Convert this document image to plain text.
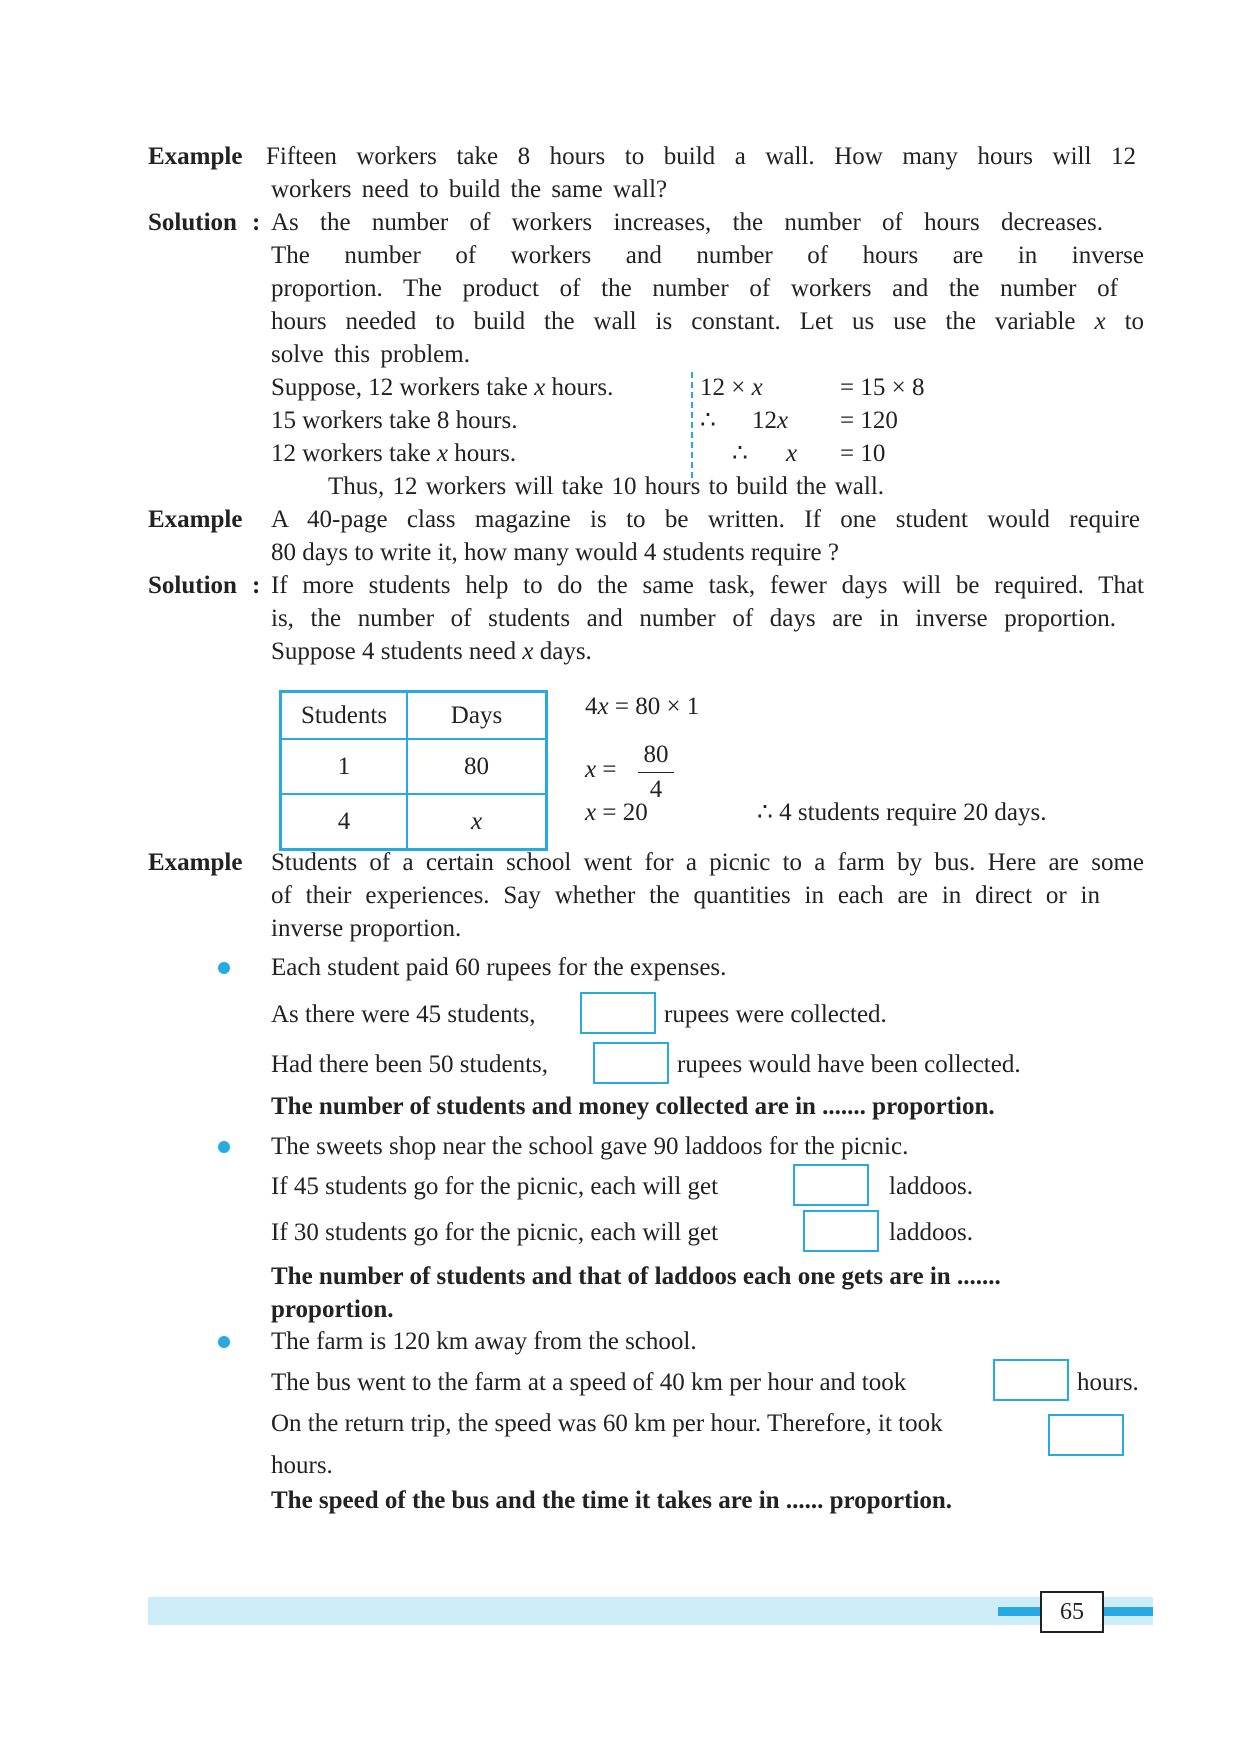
Example Fifteen workers take 8 hours to build a wall. How many hours will 12
workers need to build the same wall?
Solution : As the number of workers increases, the number of hours decreases.
The number of workers and number of hours are in inverse
proportion. The product of the number of workers and the number of
hours needed to build the wall is constant. Let us use the variable x to
solve this problem.
Suppose, 12 workers take x hours.
15 workers take 8 hours.
12 workers take x hours.
12 × x	= 15 × 8
∴ 12x = 120
∴ x = 10
Thus, 12 workers will take 10 hours to build the wall.
Example A 40-page class magazine is to be written. If one student would require
80 days to write it, how many would 4 students require ?
Solution : If more students help to do the same task, fewer days will be required. That
is, the number of students and number of days are in inverse proportion.
Suppose 4 students need x days.
Students	Days
1	80
4	x
4x = 80 × 1
x =
80
4
x = 20	∴ 4 students require 20 days.
Example Students of a certain school went for a picnic to a farm by bus. Here are some
of their experiences. Say whether the quantities in each are in direct or in
inverse proportion.
Each student paid 60 rupees for the expenses.
As there were 45 students,	rupees were collected.
Had there been 50 students,	rupees would have been collected.
The number of students and money collected are in ....... proportion.
The sweets shop near the school gave 90 laddoos for the picnic.
If 45 students go for the picnic, each will get	laddoos.
If 30 students go for the picnic, each will get	laddoos.
The number of students and that of laddoos each one gets are in .......
proportion.
The farm is 120 km away from the school.
The bus went to the farm at a speed of 40 km per hour and took	hours.
On the return trip, the speed was 60 km per hour. Therefore, it took
hours.
The speed of the bus and the time it takes are in ...... proportion.
65
